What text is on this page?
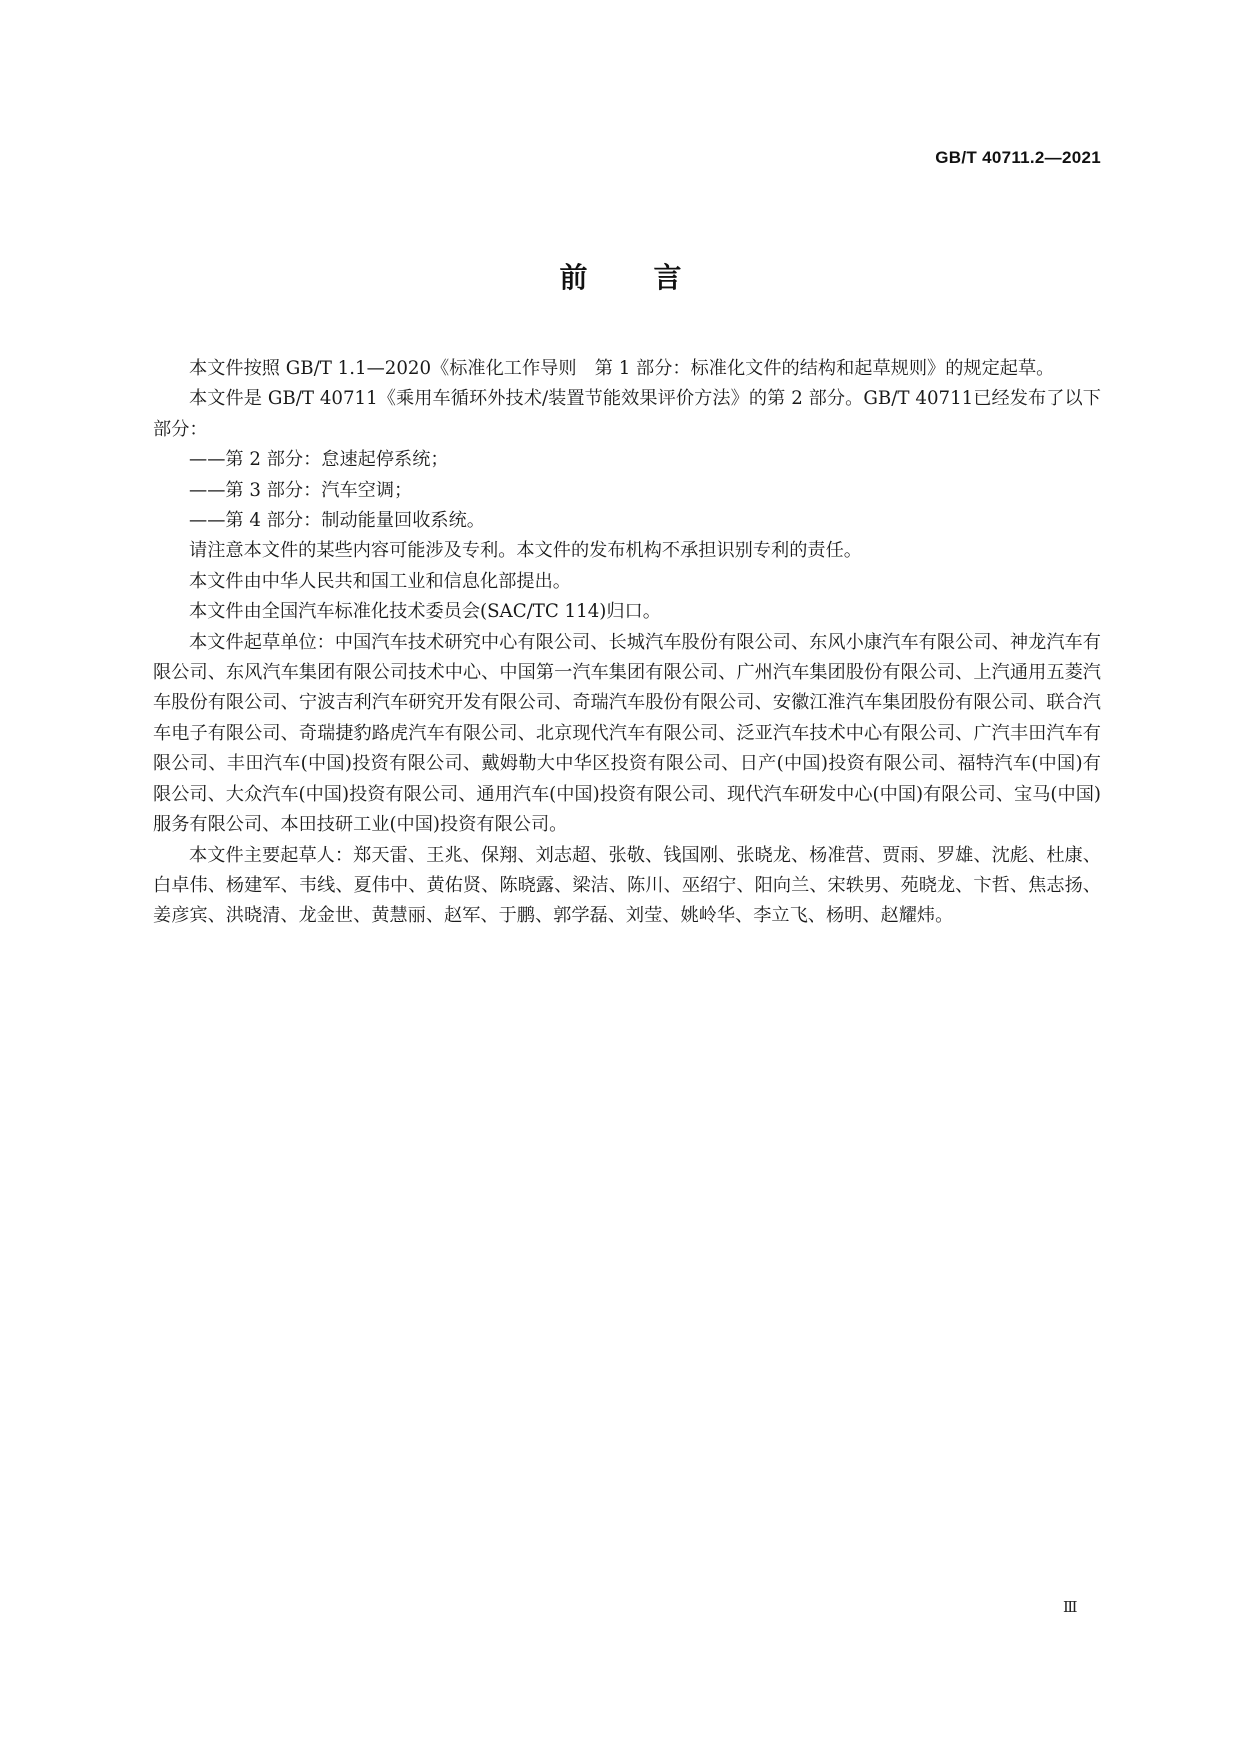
GB/T 40711.2—2021
前言

本文件按照 GB/T 1.1—2020《标准化工作导则　第 1 部分：标准化文件的结构和起草规则》的规定起草。

本文件是 GB/T 40711《乘用车循环外技术/装置节能效果评价方法》的第 2 部分。GB/T 40711已经发布了以下部分：

——第 2 部分：怠速起停系统；

——第 3 部分：汽车空调；

——第 4 部分：制动能量回收系统。

请注意本文件的某些内容可能涉及专利。本文件的发布机构不承担识别专利的责任。

本文件由中华人民共和国工业和信息化部提出。

本文件由全国汽车标准化技术委员会(SAC/TC 114)归口。

本文件起草单位：中国汽车技术研究中心有限公司、长城汽车股份有限公司、东风小康汽车有限公司、神龙汽车有限公司、东风汽车集团有限公司技术中心、中国第一汽车集团有限公司、广州汽车集团股份有限公司、上汽通用五菱汽车股份有限公司、宁波吉利汽车研究开发有限公司、奇瑞汽车股份有限公司、安徽江淮汽车集团股份有限公司、联合汽车电子有限公司、奇瑞捷豹路虎汽车有限公司、北京现代汽车有限公司、泛亚汽车技术中心有限公司、广汽丰田汽车有限公司、丰田汽车(中国)投资有限公司、戴姆勒大中华区投资有限公司、日产(中国)投资有限公司、福特汽车(中国)有限公司、大众汽车(中国)投资有限公司、通用汽车(中国)投资有限公司、现代汽车研发中心(中国)有限公司、宝马(中国)服务有限公司、本田技研工业(中国)投资有限公司。

本文件主要起草人：郑天雷、王兆、保翔、刘志超、张敬、钱国刚、张晓龙、杨准营、贾雨、罗雄、沈彪、杜康、白卓伟、杨建军、韦线、夏伟中、黄佑贤、陈晓露、梁洁、陈川、巫绍宁、阳向兰、宋轶男、苑晓龙、卞哲、焦志扬、姜彦宾、洪晓清、龙金世、黄慧丽、赵军、于鹏、郭学磊、刘莹、姚岭华、李立飞、杨明、赵耀炜。

Ⅲ
